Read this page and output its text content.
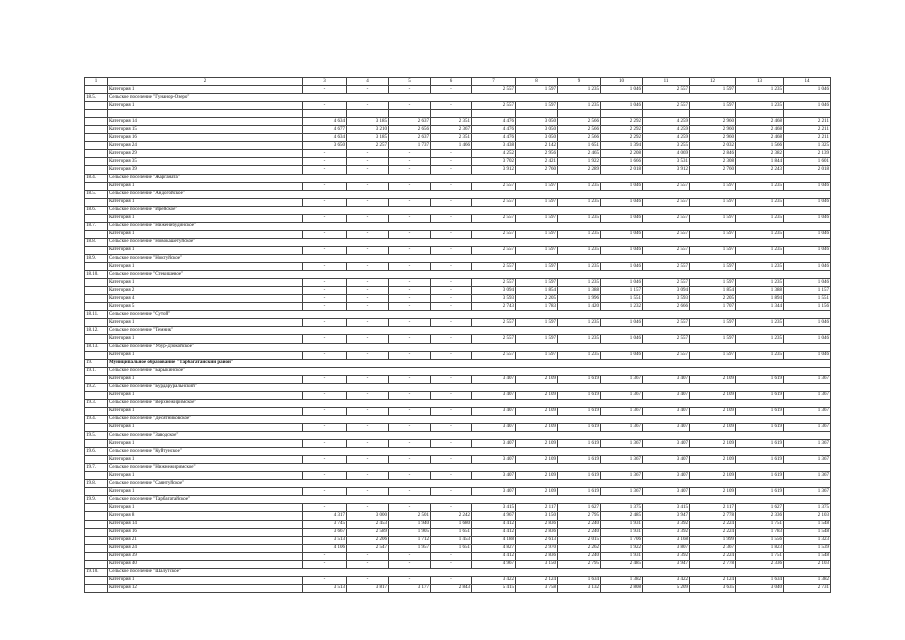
1	2	3	4	5	6	7	8	9	10	11	12	13	14
	Категория 1	-	-	-	-	2 557	1 597	1 235	1 046	2 557	1 597	1 235	1 046
18.5.	Сельское поселение "Гунанор-Озеро"												
	Категория 1	-	-	-	-	2 557	1 597	1 235	1 046	2 557	1 597	1 235	1 046

	Категория 14	4 634	3 185	2 637	2 351	4 476	3 050	2 566	2 292	4 259	2 960	2 468	2 211
	Категория 15	4 677	3 210	2 656	2 367	4 476	3 050	2 566	2 292	4 259	2 960	2 468	2 211
	Категория 16	4 634	3 185	2 637	2 351	4 476	3 050	2 566	2 292	4 259	2 960	2 468	2 211
	Категория 24	3 650	2 257	1 737	1 466	3 438	2 142	1 651	1 394	3 255	2 032	1 566	1 325
	Категория 29	-	-	-	-	4 252	2 956	2 465	2 208	4 069	2 846	2 382	2 139
	Категория 35	-	-	-	-	3 702	2 421	1 922	1 666	3 531	2 308	1 844	1 601
	Категория 39	-	-	-	-	3 912	2 760	2 289	2 018	3 912	2 760	2 243	2 018
18.4.	Сельское поселение "Жарганата"												
	Категория 1	-	-	-	-	2 557	1 597	1 235	1 046	2 557	1 597	1 235	1 046
18.5.	Сельское поселение "Андогойское"												
	Категория 1	-	-	-	-	2 557	1 597	1 235	1 046	2 557	1 597	1 235	1 046
18.6.	Сельское поселение "Ирейское"												
	Категория 1	-	-	-	-	2 557	1 597	1 235	1 046	2 557	1 597	1 235	1 046
18.7.	Сельское поселение "Ниженибудинское"												
	Категория 1	-	-	-	-	2 557	1 597	1 235	1 046	2 557	1 597	1 235	1 046
18.8.	Сельское поселение "Новокашетуйское"												
	Категория 1	-	-	-	-	2 557	1 597	1 235	1 046	2 557	1 597	1 235	1 046
18.9.	Сельское поселение "Ноктуйское"												
	Категория 1	-	-	-	-	2 557	1 597	1 235	1 046	2 557	1 597	1 235	1 046
18.10.	Сельское поселение "Стекишевое"												
	Категория 1	-	-	-	-	2 557	1 597	1 235	1 046	2 557	1 597	1 235	1 046
	Категория 2	-	-	-	-	3 094	1 854	1 388	1 157	3 094	1 854	1 388	1 157
	Категория 4	-	-	-	-	3 593	2 205	1 996	1 551	3 593	2 205	1 894	1 551
	Категория 5	-	-	-	-	2 743	1 783	1 420	1 232	2 666	1 707	1 344	1 156
18.11.	Сельское поселение "Сутой"												
	Категория 1	-	-	-	-	2 557	1 597	1 235	1 046	2 557	1 597	1 235	1 046
18.12.	Сельское поселение "Темник"												
	Категория 1	-	-	-	-	2 557	1 597	1 235	1 046	2 557	1 597	1 235	1 046
18.13.	Сельское поселение "Убур-Дзокойское"												
	Категория 1	-	-	-	-	2 557	1 597	1 235	1 046	2 557	1 597	1 235	1 046
19.	Муниципальное образование "Тарбагатайский район"												
19.1.	Сельское поселение "Барыкинское"												
	Категория 1	-	-	-	-	3 407	2 109	1 619	1 367	3 407	2 109	1 619	1 367
19.2.	Сельское поселение "Бурдаруральнский"												
	Категория 1	-	-	-	-	3 407	2 109	1 619	1 367	3 407	2 109	1 619	1 367
19.3.	Сельское поселение "Верхнежиримское"												
	Категория 1	-	-	-	-	3 407	2 109	1 619	1 367	3 407	2 109	1 619	1 367
19.4.	Сельское поселение "Десятниковское"												
	Категория 1	-	-	-	-	3 407	2 109	1 619	1 367	3 407	2 109	1 619	1 367
19.5.	Сельское поселение "Заводское"												
	Категория 1	-	-	-	-	3 407	2 109	1 619	1 367	3 407	2 109	1 619	1 367
19.6.	Сельское поселение "Куйтунское"												
	Категория 1	-	-	-	-	3 407	2 109	1 619	1 367	3 407	2 109	1 619	1 367
19.7.	Сельское поселение "Нижнежиримское"												
	Категория 1	-	-	-	-	3 407	2 109	1 619	1 367	3 407	2 109	1 619	1 367
19.8.	Сельское поселение "Саянтуйское"												
	Категория 1	-	-	-	-	3 407	2 109	1 619	1 367	3 407	2 109	1 619	1 367
19.9.	Сельское поселение "Тарбагатайское"												
	Категория 1	-	-	-	-	3 415	2 117	1 627	1 375	3 415	2 117	1 627	1 375
	Категория 8	4 317	3 000	2 501	2 242	4 967	3 150	2 795	2 485	3 947	2 778	2 336	2 103
	Категория 14	3 745	2 453	1 940	1 680	4 412	2 836	2 240	1 931	3 392	2 224	1 751	1 548
	Категория 16	3 667	2 589	1 905	1 651	4 412	2 836	2 240	1 931	3 392	2 224	1 783	1 548
	Категория 21	3 513	2 206	1 712	1 453	4 188	2 613	2 015	1 706	3 168	1 999	1 556	1 323
	Категория 24	4 106	2 547	1 957	1 651	4 827	2 970	2 262	1 922	3 807	2 367	1 823	1 539
	Категория 39	-	-	-	-	4 412	2 836	2 240	1 931	3 392	2 224	1 751	1 548
	Категория 40	-	-	-	-	4 967	3 150	2 795	2 485	3 947	2 778	2 336	2 103
19.10.	Сельское поселение "Шалутское"												
	Категория 1	-	-	-	-	3 422	2 124	1 634	1 382	3 422	2 124	1 634	1 382
	Категория 12	3 513	3 817	3 177	2 843	5 415	3 758	3 132	2 808	5 209	3 635	3 040	2 731
